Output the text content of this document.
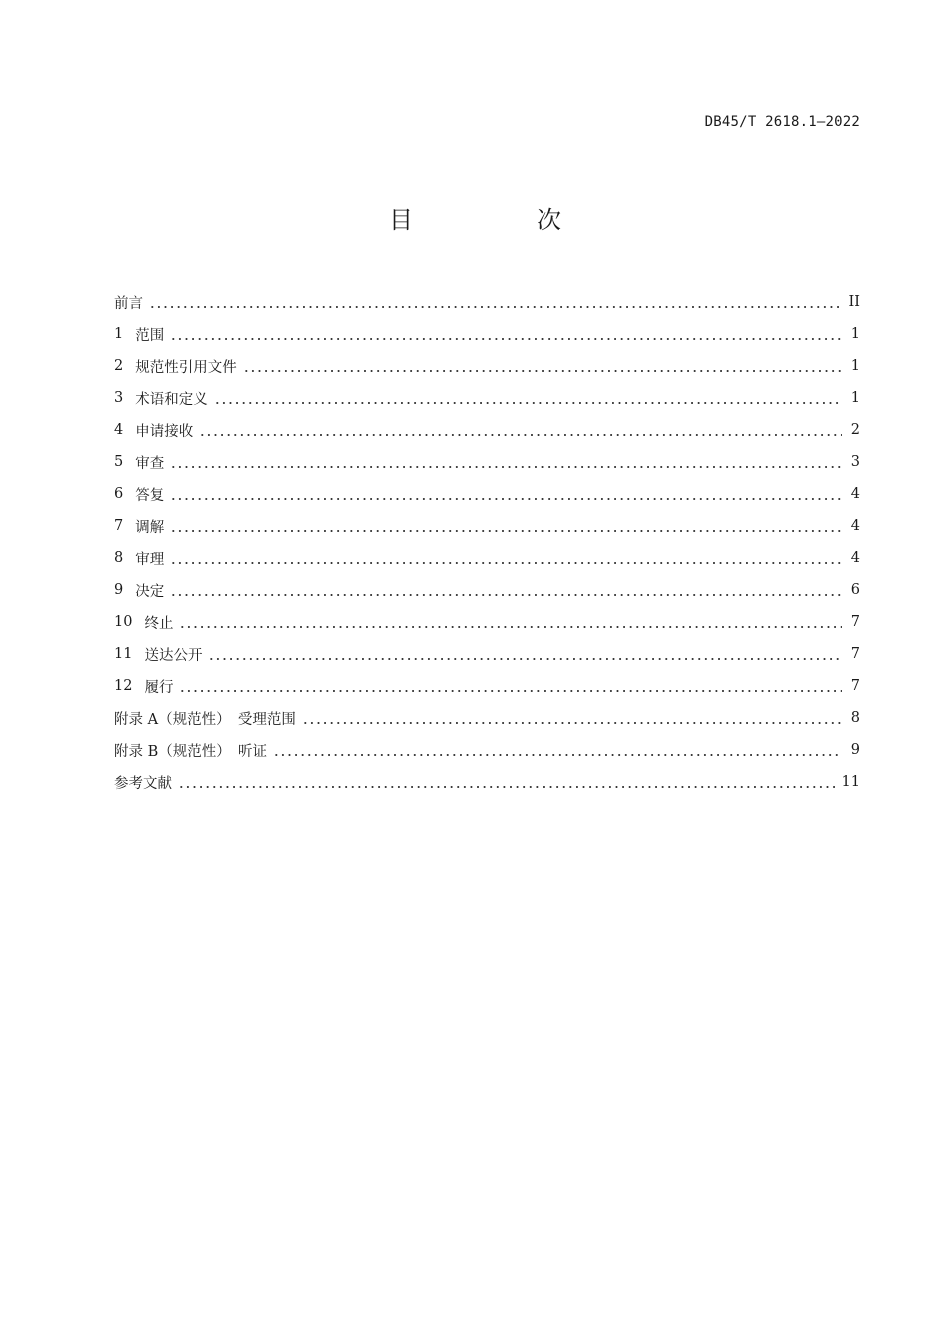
DB45/T 2618.1—2022
目　次
前言	II
1 范围	1
2 规范性引用文件	1
3 术语和定义	1
4 申请接收	2
5 审查	3
6 答复	4
7 调解	4
8 审理	4
9 决定	6
10 终止	7
11 送达公开	7
12 履行	7
附录 A（规范性）　受理范围	8
附录 B（规范性）　听证	9
参考文献	11
